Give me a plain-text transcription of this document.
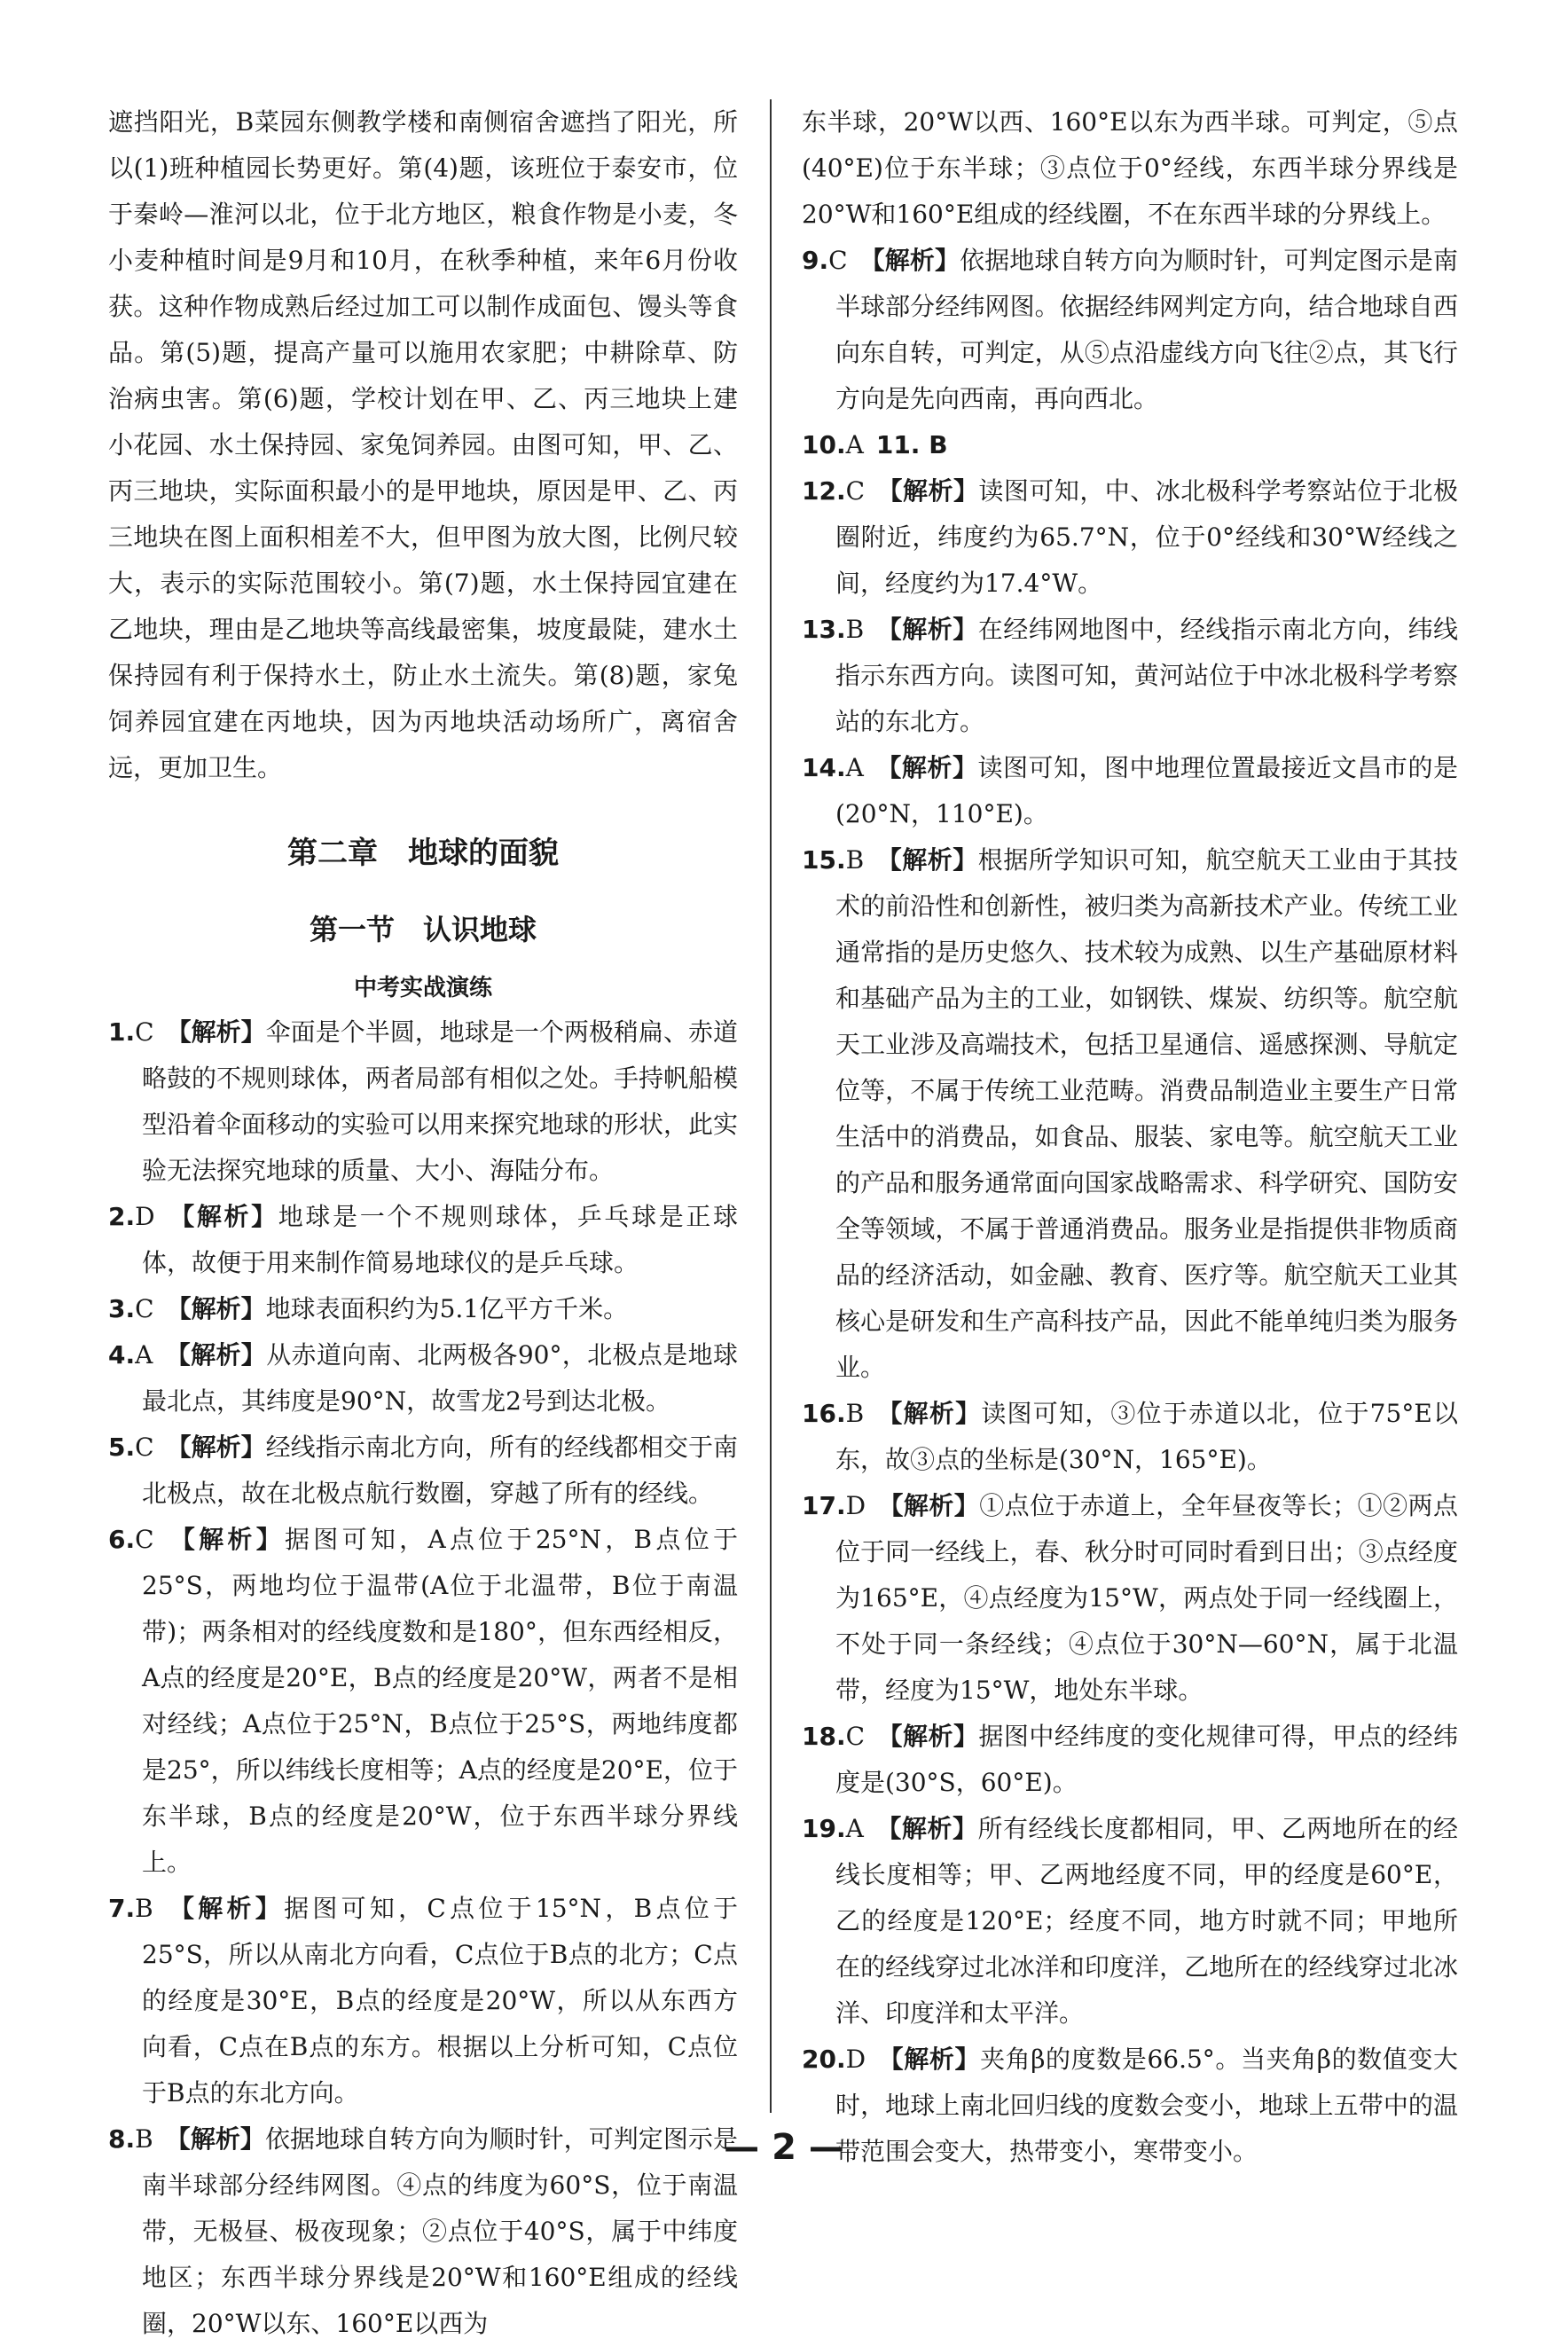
遮挡阳光，B菜园东侧教学楼和南侧宿舍遮挡了阳光，所以(1)班种植园长势更好。第(4)题，该班位于泰安市，位于秦岭—淮河以北，位于北方地区，粮食作物是小麦，冬小麦种植时间是9月和10月，在秋季种植，来年6月份收获。这种作物成熟后经过加工可以制作成面包、馒头等食品。第(5)题，提高产量可以施用农家肥；中耕除草、防治病虫害。第(6)题，学校计划在甲、乙、丙三地块上建小花园、水土保持园、家兔饲养园。由图可知，甲、乙、丙三地块，实际面积最小的是甲地块，原因是甲、乙、丙三地块在图上面积相差不大，但甲图为放大图，比例尺较大，表示的实际范围较小。第(7)题，水土保持园宜建在乙地块，理由是乙地块等高线最密集，坡度最陡，建水土保持园有利于保持水土，防止水土流失。第(8)题，家兔饲养园宜建在丙地块，因为丙地块活动场所广，离宿舍远，更加卫生。

第二章　地球的面貌
第一节　认识地球
中考实战演练

1.C 【解析】伞面是个半圆，地球是一个两极稍扁、赤道略鼓的不规则球体，两者局部有相似之处。手持帆船模型沿着伞面移动的实验可以用来探究地球的形状，此实验无法探究地球的质量、大小、海陆分布。

2.D 【解析】地球是一个不规则球体，乒乓球是正球体，故便于用来制作简易地球仪的是乒乓球。

3.C 【解析】地球表面积约为5.1亿平方千米。

4.A 【解析】从赤道向南、北两极各90°，北极点是地球最北点，其纬度是90°N，故雪龙2号到达北极。

5.C 【解析】经线指示南北方向，所有的经线都相交于南北极点，故在北极点航行数圈，穿越了所有的经线。

6.C 【解析】据图可知，A点位于25°N，B点位于25°S，两地均位于温带(A位于北温带，B位于南温带)；两条相对的经线度数和是180°，但东西经相反，A点的经度是20°E，B点的经度是20°W，两者不是相对经线；A点位于25°N，B点位于25°S，两地纬度都是25°，所以纬线长度相等；A点的经度是20°E，位于东半球，B点的经度是20°W，位于东西半球分界线上。

7.B 【解析】据图可知，C点位于15°N，B点位于25°S，所以从南北方向看，C点位于B点的北方；C点的经度是30°E，B点的经度是20°W，所以从东西方向看，C点在B点的东方。根据以上分析可知，C点位于B点的东北方向。

8.B 【解析】依据地球自转方向为顺时针，可判定图示是南半球部分经纬网图。④点的纬度为60°S，位于南温带，无极昼、极夜现象；②点位于40°S，属于中纬度地区；东西半球分界线是20°W和160°E组成的经线圈，20°W以东、160°E以西为

东半球，20°W以西、160°E以东为西半球。可判定，⑤点(40°E)位于东半球；③点位于0°经线，东西半球分界线是20°W和160°E组成的经线圈，不在东西半球的分界线上。

9.C 【解析】依据地球自转方向为顺时针，可判定图示是南半球部分经纬网图。依据经纬网判定方向，结合地球自西向东自转，可判定，从⑤点沿虚线方向飞往②点，其飞行方向是先向西南，再向西北。

10.A 11. B

12.C 【解析】读图可知，中、冰北极科学考察站位于北极圈附近，纬度约为65.7°N，位于0°经线和30°W经线之间，经度约为17.4°W。

13.B 【解析】在经纬网地图中，经线指示南北方向，纬线指示东西方向。读图可知，黄河站位于中冰北极科学考察站的东北方。

14.A 【解析】读图可知，图中地理位置最接近文昌市的是(20°N，110°E)。

15.B 【解析】根据所学知识可知，航空航天工业由于其技术的前沿性和创新性，被归类为高新技术产业。传统工业通常指的是历史悠久、技术较为成熟、以生产基础原材料和基础产品为主的工业，如钢铁、煤炭、纺织等。航空航天工业涉及高端技术，包括卫星通信、遥感探测、导航定位等，不属于传统工业范畴。消费品制造业主要生产日常生活中的消费品，如食品、服装、家电等。航空航天工业的产品和服务通常面向国家战略需求、科学研究、国防安全等领域，不属于普通消费品。服务业是指提供非物质商品的经济活动，如金融、教育、医疗等。航空航天工业其核心是研发和生产高科技产品，因此不能单纯归类为服务业。

16.B 【解析】读图可知，③位于赤道以北，位于75°E以东，故③点的坐标是(30°N，165°E)。

17.D 【解析】①点位于赤道上，全年昼夜等长；①②两点位于同一经线上，春、秋分时可同时看到日出；③点经度为165°E，④点经度为15°W，两点处于同一经线圈上，不处于同一条经线；④点位于30°N—60°N，属于北温带，经度为15°W，地处东半球。

18.C 【解析】据图中经纬度的变化规律可得，甲点的经纬度是(30°S，60°E)。

19.A 【解析】所有经线长度都相同，甲、乙两地所在的经线长度相等；甲、乙两地经度不同，甲的经度是60°E，乙的经度是120°E；经度不同，地方时就不同；甲地所在的经线穿过北冰洋和印度洋，乙地所在的经线穿过北冰洋、印度洋和太平洋。

20.D 【解析】夹角β的度数是66.5°。当夹角β的数值变大时，地球上南北回归线的度数会变小，地球上五带中的温带范围会变大，热带变小，寒带变小。

— 2 —
